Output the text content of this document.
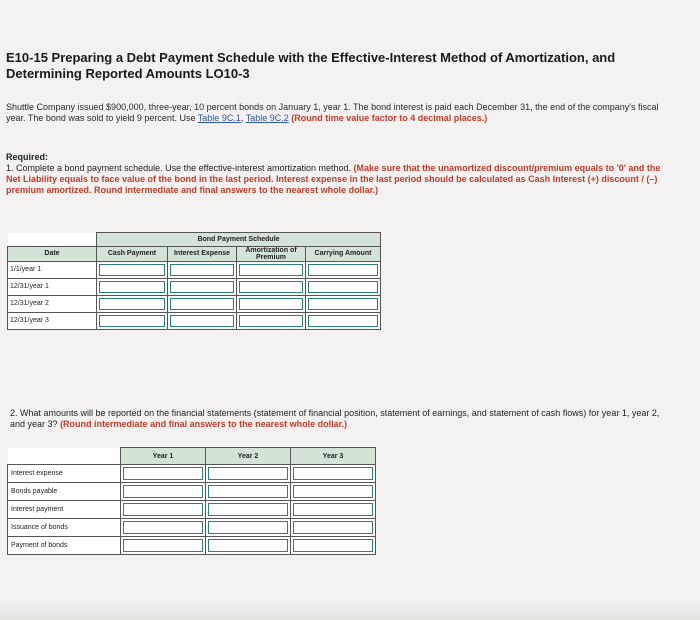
E10-15 Preparing a Debt Payment Schedule with the Effective-Interest Method of Amortization, and
Determining Reported Amounts LO10-3
Shuttle Company issued $900,000, three-year, 10 percent bonds on January 1, year 1. The bond interest is paid each December 31, the end of the company's fiscal year. The bond was sold to yield 9 percent. Use Table 9C.1, Table 9C.2 (Round time value factor to 4 decimal places.)
Required:
1. Complete a bond payment schedule. Use the effective-interest amortization method. (Make sure that the unamortized discount/premium equals to '0' and the Net Liability equals to face value of the bond in the last period. Interest expense in the last period should be calculated as Cash Interest (+) discount / (–) premium amortized. Round intermediate and final answers to the nearest whole dollar.)
	Bond Payment Schedule			
Date	Cash Payment	Interest Expense	Amortization of Premium	Carrying Amount
1/1/year 1	

12/31/year 1	

12/31/year 2	

12/31/year 3	

2. What amounts will be reported on the financial statements (statement of financial position, statement of earnings, and statement of cash flows) for year 1, year 2, and year 3? (Round intermediate and final answers to the nearest whole dollar.)
	Year 1	Year 2	Year 3
Interest expense	

Bonds payable	

Interest payment	

Issuance of bonds	

Payment of bonds	
